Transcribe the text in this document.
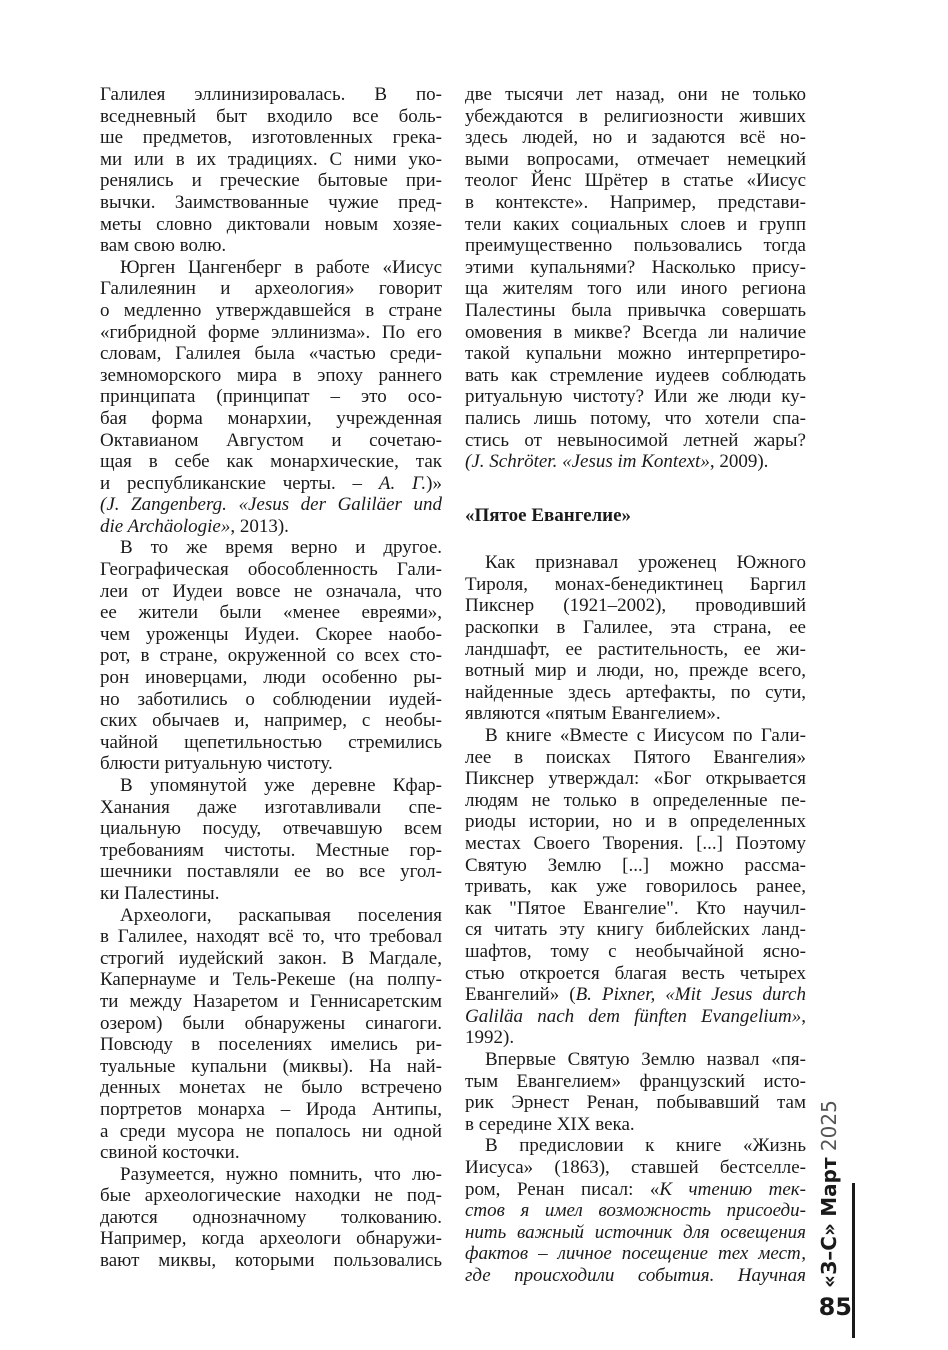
Галилея эллинизировалась. В по-
вседневный быт входило все боль-
ше предметов, изготовленных грека-
ми или в их традициях. С ними уко-
ренялись и греческие бытовые при-
вычки. Заимствованные чужие пред-
меты словно диктовали новым хозяе-
вам свою волю.
Юрген Цангенберг в работе «Иисус
Галилеянин и археология» говорит
о медленно утверждавшейся в стране
«гибридной форме эллинизма». По его
словам, Галилея была «частью среди-
земноморского мира в эпоху раннего
принципата (принципат – это осо-
бая форма монархии, учрежденная
Октавианом Августом и сочетаю-
щая в себе как монархические, так
и республиканские черты. – A. Г.)»
(J. Zangenberg. «Jesus der Galiläer und
die Archäologie», 2013).
В то же время верно и другое.
Географическая обособленность Гали-
леи от Иудеи вовсе не означала, что
ее жители были «менее евреями»,
чем уроженцы Иудеи. Скорее наобо-
рот, в стране, окруженной со всех сто-
рон иноверцами, люди особенно ры-
но заботились о соблюдении иудей-
ских обычаев и, например, с необы-
чайной щепетильностью стремились
блюсти ритуальную чистоту.
В упомянутой уже деревне Кфар-
Ханания даже изготавливали спе-
циальную посуду, отвечавшую всем
требованиям чистоты. Местные гор-
шечники поставляли ее во все угол-
ки Палестины.
Археологи, раскапывая поселения
в Галилее, находят всё то, что требовал
строгий иудейский закон. В Магдале,
Капернауме и Тель-Рекеше (на полпу-
ти между Назаретом и Геннисаретским
озером) были обнаружены синагоги.
Повсюду в поселениях имелись ри-
туальные купальни (миквы). На най-
денных монетах не было встречено
портретов монарха – Ирода Антипы,
а среди мусора не попалось ни одной
свиной косточки.
Разумеется, нужно помнить, что лю-
бые археологические находки не под-
даются однозначному толкованию.
Например, когда археологи обнаружи-
вают миквы, которыми пользовались
две тысячи лет назад, они не только
убеждаются в религиозности живших
здесь людей, но и задаются всё но-
выми вопросами, отмечает немецкий
теолог Йенс Шрётер в статье «Иисус
в контексте». Например, представи-
тели каких социальных слоев и групп
преимущественно пользовались тогда
этими купальнями? Насколько прису-
ща жителям того или иного региона
Палестины была привычка совершать
омовения в микве? Всегда ли наличие
такой купальни можно интерпретиро-
вать как стремление иудеев соблюдать
ритуальную чистоту? Или же люди ку-
пались лишь потому, что хотели спа-
стись от невыносимой летней жары?
(J. Schröter. «Jesus im Kontext», 2009).
«Пятое Евангелие»
Как признавал уроженец Южного
Тироля, монах-бенедиктинец Баргил
Пикснер (1921–2002), проводивший
раскопки в Галилее, эта страна, ее
ландшафт, ее растительность, ее жи-
вотный мир и люди, но, прежде всего,
найденные здесь артефакты, по сути,
являются «пятым Евангелием».
В книге «Вместе с Иисусом по Гали-
лее в поисках Пятого Евангелия»
Пикснер утверждал: «Бог открывается
людям не только в определенные пе-
риоды истории, но и в определенных
местах Своего Творения. [...] Поэтому
Святую Землю [...] можно рассма-
тривать, как уже говорилось ранее,
как "Пятое Евангелие". Кто научил-
ся читать эту книгу библейских ланд-
шафтов, тому с необычайной ясно-
стью откроется благая весть четырех
Евангелий» (B. Pixner, «Mit Jesus durch
Galiläa nach dem fünften Evangelium»,
1992).
Впервые Святую Землю назвал «пя-
тым Евангелием» французский исто-
рик Эрнест Ренан, побывавший там
в середине XIX века.
В предисловии к книге «Жизнь
Иисуса» (1863), ставшей бестселле-
ром, Ренан писал: «К чтению тек-
стов я имел возможность присоеди-
нить важный источник для освещения
фактов – личное посещение тех мест,
где происходили события. Научная «З–С» Март 2025
85
